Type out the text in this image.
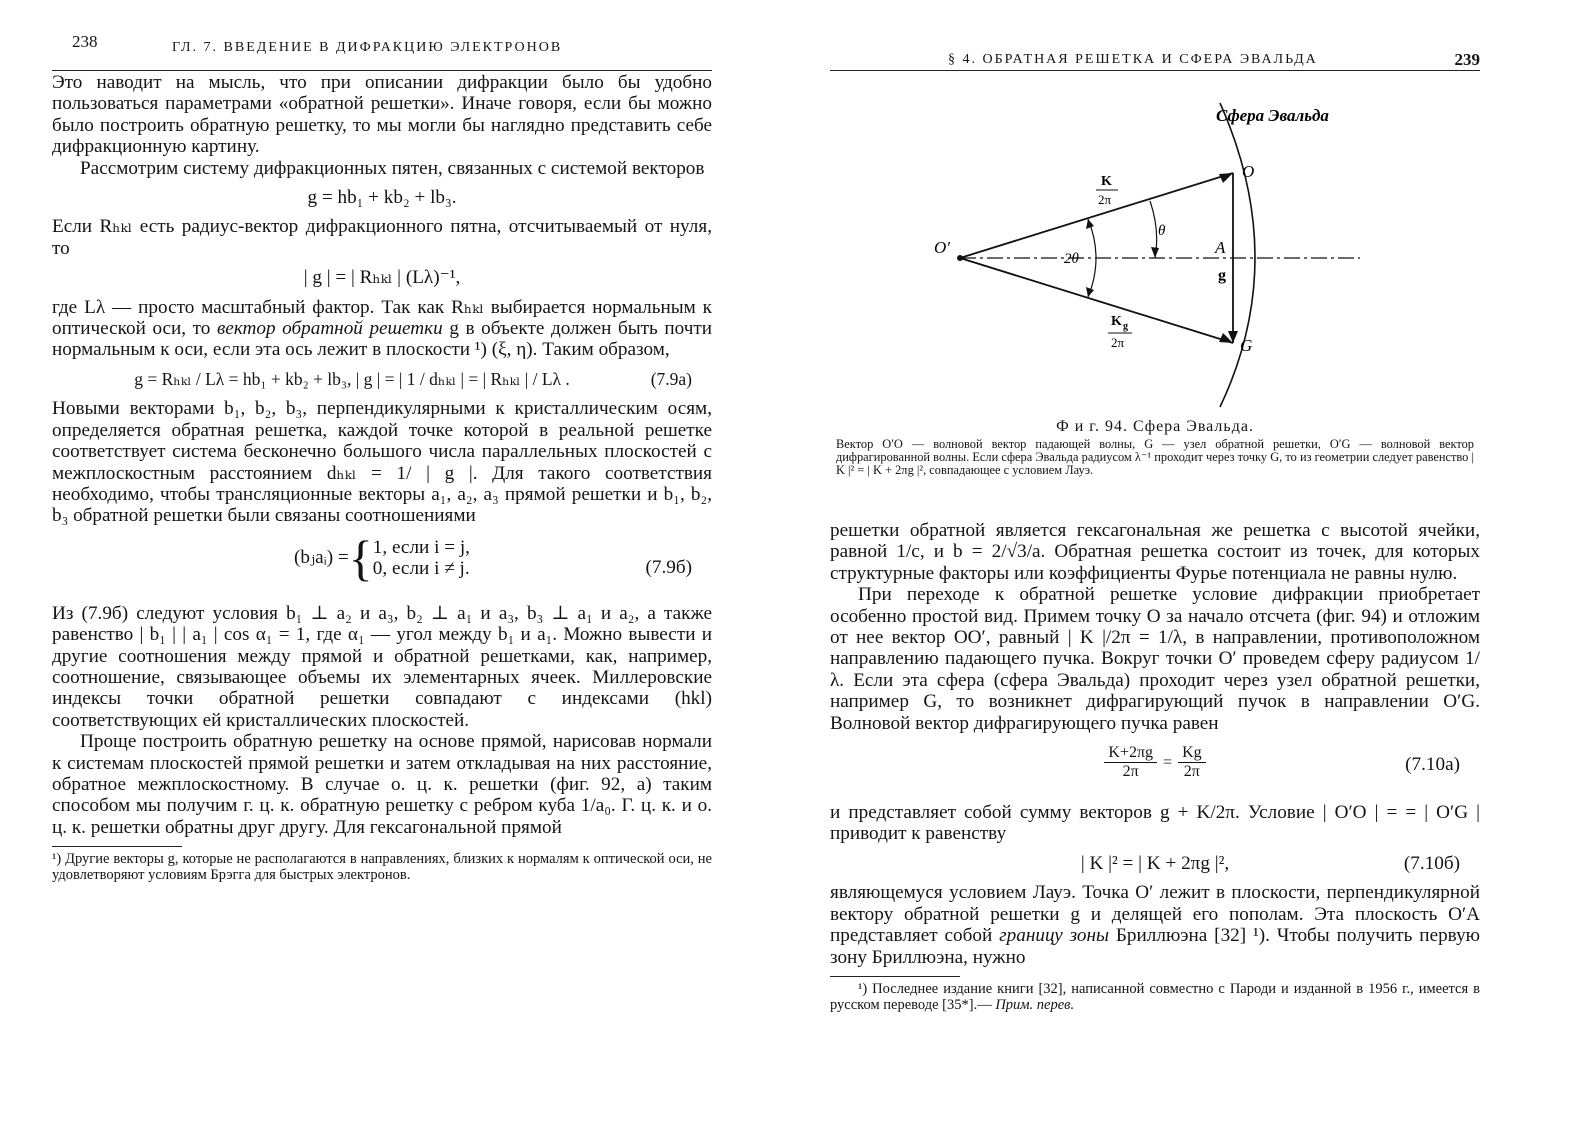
238	ГЛ. 7. ВВЕДЕНИЕ В ДИФРАКЦИЮ ЭЛЕКТРОНОВ

Это наводит на мысль, что при описании дифракции было бы удобно пользоваться параметрами «обратной решетки». Иначе говоря, если бы можно было построить обратную решетку, то мы могли бы наглядно представить себе дифракционную картину.

Рассмотрим систему дифракционных пятен, связанных с системой векторов

g = hb₁ + kb₂ + lb₃.

Если Rₕₖₗ есть радиус-вектор дифракционного пятна, отсчитываемый от нуля, то

| g | = | Rₕₖₗ | (Lλ)⁻¹,

где Lλ — просто масштабный фактор. Так как Rₕₖₗ выбирается нормальным к оптической оси, то вектор обратной решетки g в объекте должен быть почти нормальным к оси, если эта ось лежит в плоскости ¹) (ξ, η). Таким образом,

g = Rₕₖₗ / Lλ = hb₁ + kb₂ + lb₃, | g | = | 1 / dₕₖₗ | = | Rₕₖₗ | / Lλ .	(7.9а)

Новыми векторами b₁, b₂, b₃, перпендикулярными к кристаллическим осям, определяется обратная решетка, каждой точке которой в реальной решетке соответствует система бесконечно большого числа параллельных плоскостей с межплоскостным расстоянием dₕₖₗ = 1/ | g |. Для такого соответствия необходимо, чтобы трансляционные векторы a₁, a₂, a₃ прямой решетки и b₁, b₂, b₃ обратной решетки были связаны соотношениями

(bⱼaᵢ) = { 1, если i = j,
0, если i ≠ j.	(7.9б)

Из (7.9б) следуют условия b₁ ⊥ a₂ и a₃, b₂ ⊥ a₁ и a₃, b₃ ⊥ a₁ и a₂, а также равенство | b₁ | | a₁ | cos α₁ = 1, где α₁ — угол между b₁ и a₁. Можно вывести и другие соотношения между прямой и обратной решетками, как, например, соотношение, связывающее объемы их элементарных ячеек. Миллеровские индексы точки обратной решетки совпадают с индексами (hkl) соответствующих ей кристаллических плоскостей.

Проще построить обратную решетку на основе прямой, нарисовав нормали к системам плоскостей прямой решетки и затем откладывая на них расстояние, обратное межплоскостному. В случае о. ц. к. решетки (фиг. 92, а) таким способом мы получим г. ц. к. обратную решетку с ребром куба 1/a₀. Г. ц. к. и о. ц. к. решетки обратны друг другу. Для гексагональной прямой

¹) Другие векторы g, которые не располагаются в направлениях, близких к нормалям к оптической оси, не удовлетворяют условиям Брэгга для быстрых электронов.

§ 4. ОБРАТНАЯ РЕШЕТКА И СФЕРА ЭВАЛЬДА	239
Сфера Эвальда
O′
O
A
G
g
K
2π
K g
2π
2θ
θ

Ф и г. 94. Сфера Эвальда.

Вектор O′O — волновой вектор падающей волны, G — узел обратной решетки, O′G — волновой вектор дифрагированной волны. Если сфера Эвальда радиусом λ⁻¹ проходит через точку G, то из геометрии следует равенство | K |² = | K + 2πg |², совпадающее с условием Лауэ.

решетки обратной является гексагональная же решетка с высотой ячейки, равной 1/c, и b = 2/√3/a. Обратная решетка состоит из точек, для которых структурные факторы или коэффициенты Фурье потенциала не равны нулю.

При переходе к обратной решетке условие дифракции приобретает особенно простой вид. Примем точку O за начало отсчета (фиг. 94) и отложим от нее вектор OO′, равный | K |/2π = 1/λ, в направлении, противоположном направлению падающего пучка. Вокруг точки O′ проведем сферу радиусом 1/λ. Если эта сфера (сфера Эвальда) проходит через узел обратной решетки, например G, то возникнет дифрагирующий пучок в направлении O′G. Волновой вектор дифрагирующего пучка равен

$\frac{K+2\pi g}{2\pi} = \frac{Kg}{2\pi}$	(7.10а)

и представляет собой сумму векторов g + K/2π. Условие | O′O | = = | O′G | приводит к равенству

| K |² = | K + 2πg |²,	(7.10б)

являющемуся условием Лауэ. Точка O′ лежит в плоскости, перпендикулярной вектору обратной решетки g и делящей его пополам. Эта плоскость O′A представляет собой границу зоны Бриллюэна [32] ¹). Чтобы получить первую зону Бриллюэна, нужно

¹) Последнее издание книги [32], написанной совместно с Пароди и изданной в 1956 г., имеется в русском переводе [35*].— Прим. перев.
